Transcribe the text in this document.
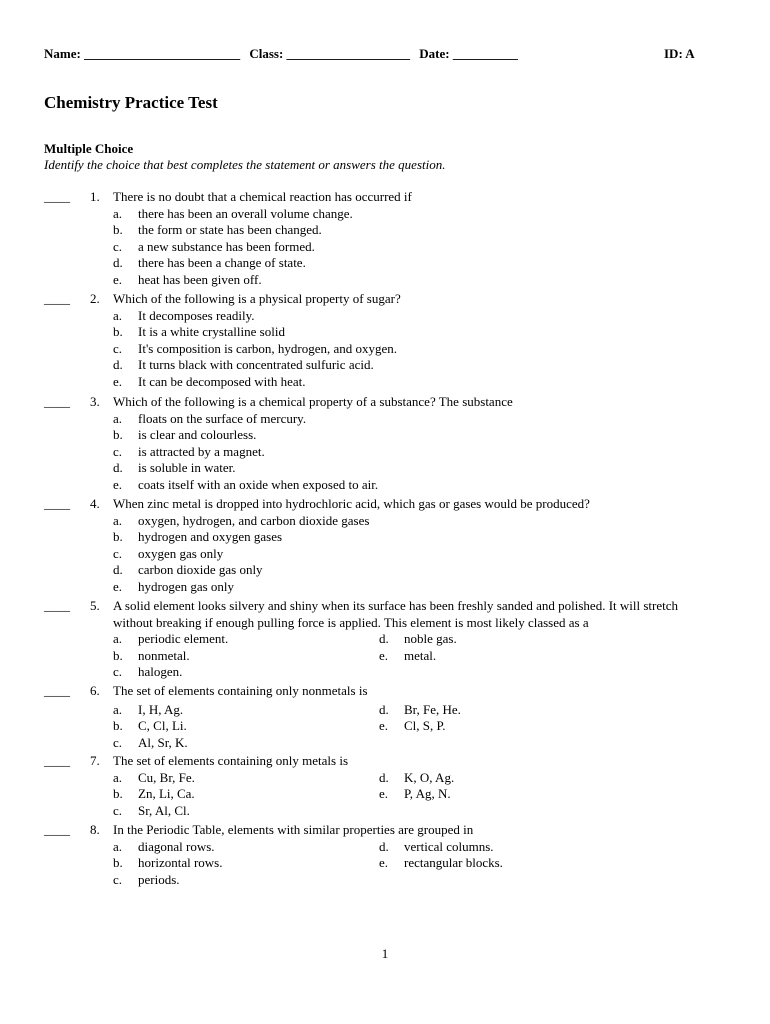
Name: ________________________ Class: ___________________ Date: __________	ID: A
Chemistry Practice Test
Multiple Choice
Identify the choice that best completes the statement or answers the question.
____ 1. There is no doubt that a chemical reaction has occurred if
a. there has been an overall volume change.
b. the form or state has been changed.
c. a new substance has been formed.
d. there has been a change of state.
e. heat has been given off.
____ 2. Which of the following is a physical property of sugar?
a. It decomposes readily.
b. It is a white crystalline solid
c. It's composition is carbon, hydrogen, and oxygen.
d. It turns black with concentrated sulfuric acid.
e. It can be decomposed with heat.
____ 3. Which of the following is a chemical property of a substance? The substance
a. floats on the surface of mercury.
b. is clear and colourless.
c. is attracted by a magnet.
d. is soluble in water.
e. coats itself with an oxide when exposed to air.
____ 4. When zinc metal is dropped into hydrochloric acid, which gas or gases would be produced?
a. oxygen, hydrogen, and carbon dioxide gases
b. hydrogen and oxygen gases
c. oxygen gas only
d. carbon dioxide gas only
e. hydrogen gas only
____ 5. A solid element looks silvery and shiny when its surface has been freshly sanded and polished. It will stretch
without breaking if enough pulling force is applied. This element is most likely classed as a
a. periodic element.
b. nonmetal.
c. halogen.
d. noble gas.
e. metal.
____ 6. The set of elements containing only nonmetals is
a. I, H, Ag.
b. C, Cl, Li.
c. Al, Sr, K.
d. Br, Fe, He.
e. Cl, S, P.
____ 7. The set of elements containing only metals is
a. Cu, Br, Fe.
b. Zn, Li, Ca.
c. Sr, Al, Cl.
d. K, O, Ag.
e. P, Ag, N.
____ 8. In the Periodic Table, elements with similar properties are grouped in
a. diagonal rows.
b. horizontal rows.
c. periods.
d. vertical columns.
e. rectangular blocks.
1
